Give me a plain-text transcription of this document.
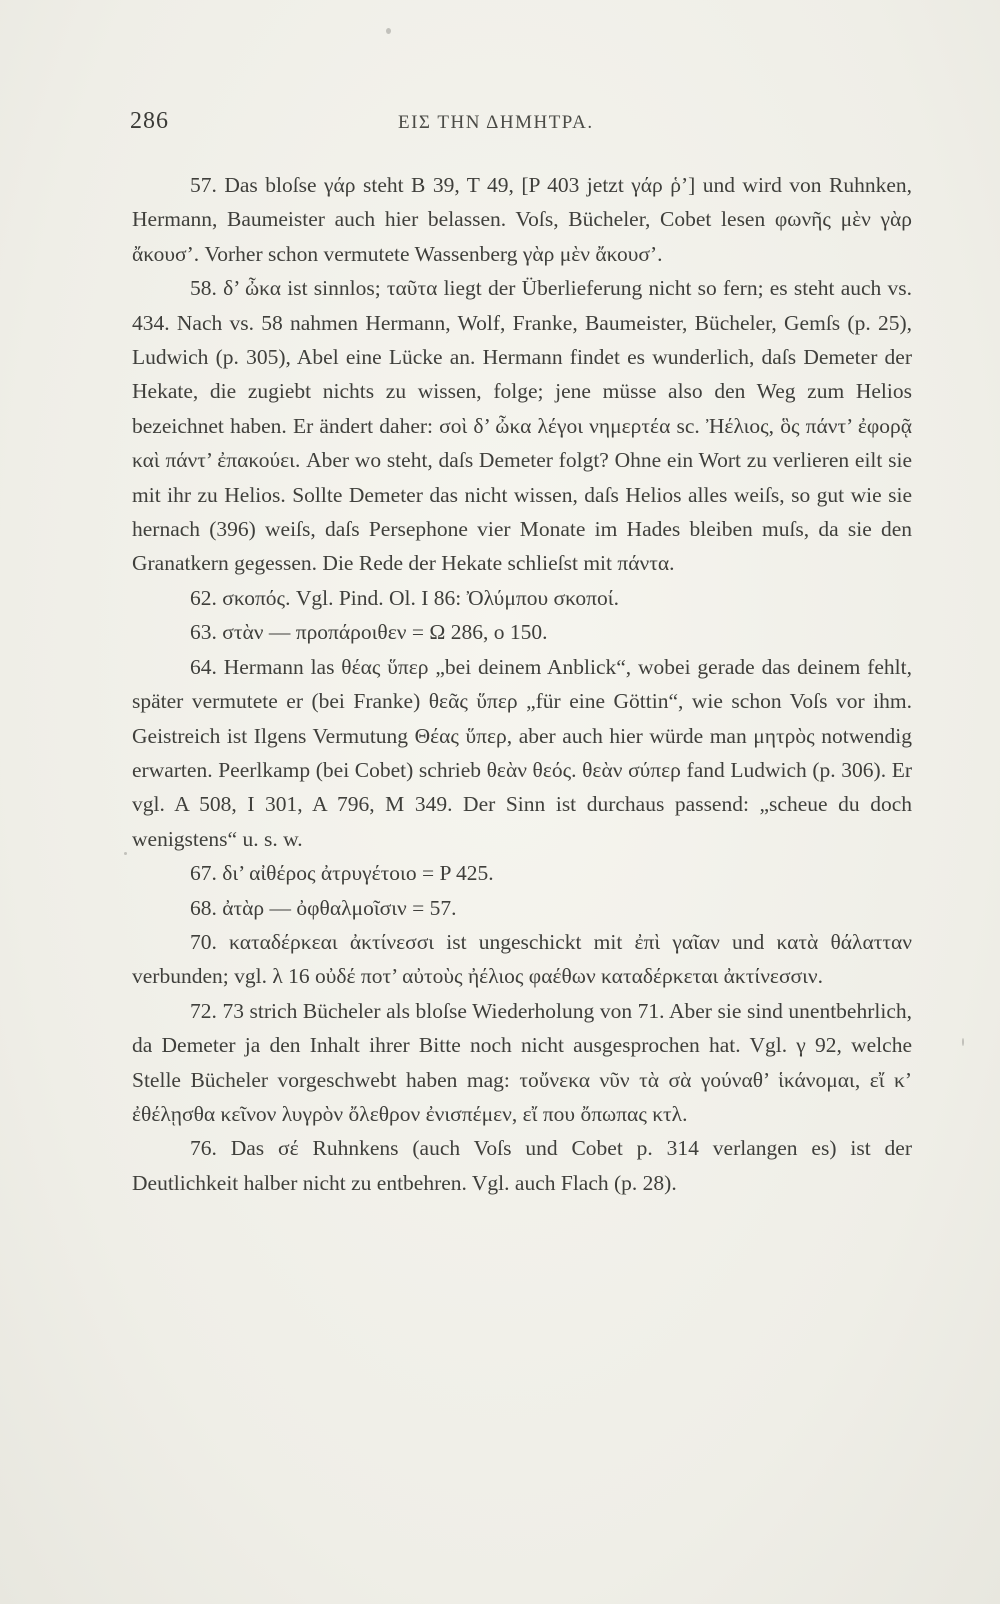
286	ΕΙΣ ΤΗΝ ΔΗΜΗΤΡΑ.

57. Das bloſse γάρ steht B 39, T 49, [P 403 jetzt γάρ ῥ’] und wird von Ruhnken, Hermann, Baumeister auch hier belassen. Voſs, Bücheler, Cobet lesen φωνῆς μὲν γὰρ ἄκουσ’. Vorher schon vermutete Wassenberg γὰρ μὲν ἄκουσ’.

58. δ’ ὦκα ist sinnlos; ταῦτα liegt der Überlieferung nicht so fern; es steht auch vs. 434. Nach vs. 58 nahmen Hermann, Wolf, Franke, Baumeister, Bücheler, Gemſs (p. 25), Ludwich (p. 305), Abel eine Lücke an. Hermann findet es wunderlich, daſs Demeter der Hekate, die zugiebt nichts zu wissen, folge; jene müsse also den Weg zum Helios bezeichnet haben. Er ändert daher: σοὶ δ’ ὦκα λέγοι νημερτέα sc. Ἠέλιος, ὃς πάντ’ ἐφορᾷ καὶ πάντ’ ἐπακούει. Aber wo steht, daſs Demeter folgt? Ohne ein Wort zu verlieren eilt sie mit ihr zu Helios. Sollte Demeter das nicht wissen, daſs Helios alles weiſs, so gut wie sie hernach (396) weiſs, daſs Persephone vier Monate im Hades bleiben muſs, da sie den Granatkern gegessen. Die Rede der Hekate schlieſst mit πάντα.

62. σκοπός. Vgl. Pind. Ol. I 86: Ὀλύμπου σκοποί.

63. στὰν — προπάροιθεν = Ω 286, ο 150.

64. Hermann las θέας ὕπερ „bei deinem Anblick“, wobei gerade das deinem fehlt, später vermutete er (bei Franke) θεᾶς ὕπερ „für eine Göttin“, wie schon Voſs vor ihm. Geistreich ist Ilgens Vermutung Θέας ὕπερ, aber auch hier würde man μητρὸς notwendig erwarten. Peerlkamp (bei Cobet) schrieb θεὰν θεός. θεὰν σύπερ fand Ludwich (p. 306). Er vgl. A 508, I 301, A 796, M 349. Der Sinn ist durchaus passend: „scheue du doch wenigstens“ u. s. w.

67. δι’ αἰθέρος ἀτρυγέτοιο = P 425.

68. ἀτὰρ — ὀφθαλμοῖσιν = 57.

70. καταδέρκεαι ἀκτίνεσσι ist ungeschickt mit ἐπὶ γαῖαν und κατὰ θάλατταν verbunden; vgl. λ 16 οὐδέ ποτ’ αὐτοὺς ἠέλιος φαέθων καταδέρκεται ἀκτίνεσσιν.

72. 73 strich Bücheler als bloſse Wiederholung von 71. Aber sie sind unentbehrlich, da Demeter ja den Inhalt ihrer Bitte noch nicht ausgesprochen hat. Vgl. γ 92, welche Stelle Bücheler vorgeschwebt haben mag: τοὔνεκα νῦν τὰ σὰ γούναθ’ ἱκάνομαι, εἴ κ’ ἐθέλῃσθα κεῖνον λυγρὸν ὄλεθρον ἐνισπέμεν, εἴ που ὄπωπας κτλ.

76. Das σέ Ruhnkens (auch Voſs und Cobet p. 314 verlangen es) ist der Deutlichkeit halber nicht zu entbehren. Vgl. auch Flach (p. 28).
